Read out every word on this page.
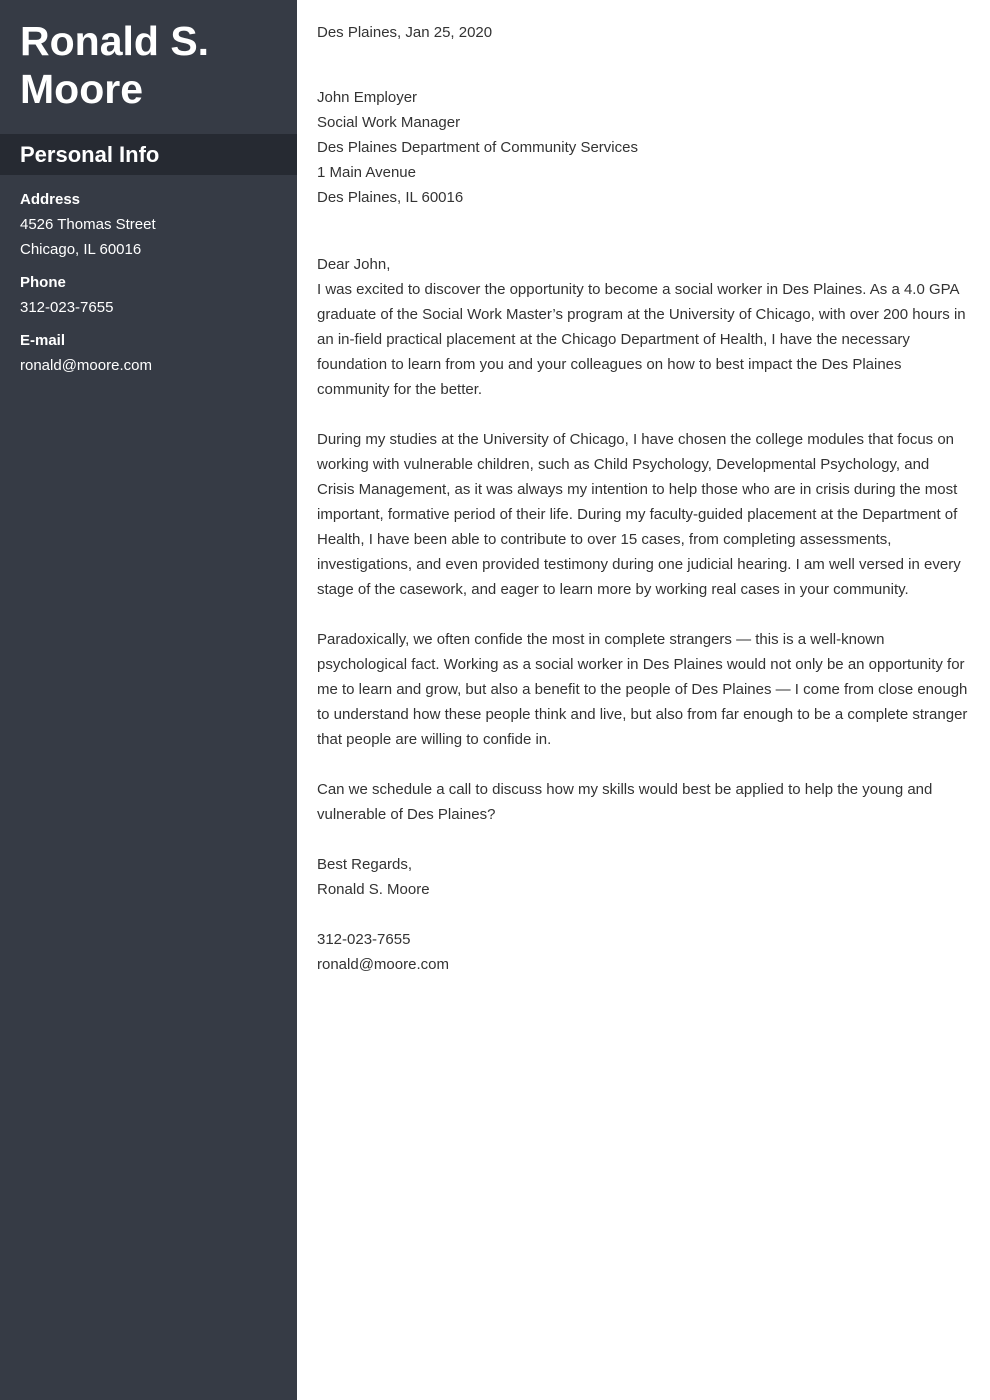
Ronald S.
Moore
Personal Info
Address
4526 Thomas Street
Chicago, IL 60016
Phone
312-023-7655
E-mail
ronald@moore.com
Des Plaines, Jan 25, 2020
John Employer
Social Work Manager
Des Plaines Department of Community Services
1 Main Avenue
Des Plaines, IL 60016
Dear John,

I was excited to discover the opportunity to become a social worker in Des Plaines. As a 4.0 GPA graduate of the Social Work Master’s program at the University of Chicago, with over 200 hours in an in-field practical placement at the Chicago Department of Health, I have the necessary foundation to learn from you and your colleagues on how to best impact the Des Plaines community for the better.

During my studies at the University of Chicago, I have chosen the college modules that focus on working with vulnerable children, such as Child Psychology, Developmental Psychology, and Crisis Management, as it was always my intention to help those who are in crisis during the most important, formative period of their life. During my faculty-guided placement at the Department of Health, I have been able to contribute to over 15 cases, from completing assessments, investigations, and even provided testimony during one judicial hearing. I am well versed in every stage of the casework, and eager to learn more by working real cases in your community.

Paradoxically, we often confide the most in complete strangers — this is a well-known psychological fact. Working as a social worker in Des Plaines would not only be an opportunity for me to learn and grow, but also a benefit to the people of Des Plaines — I come from close enough to understand how these people think and live, but also from far enough to be a complete stranger that people are willing to confide in.

Can we schedule a call to discuss how my skills would best be applied to help the young and vulnerable of Des Plaines?

Best Regards,
Ronald S. Moore
312-023-7655
ronald@moore.com
